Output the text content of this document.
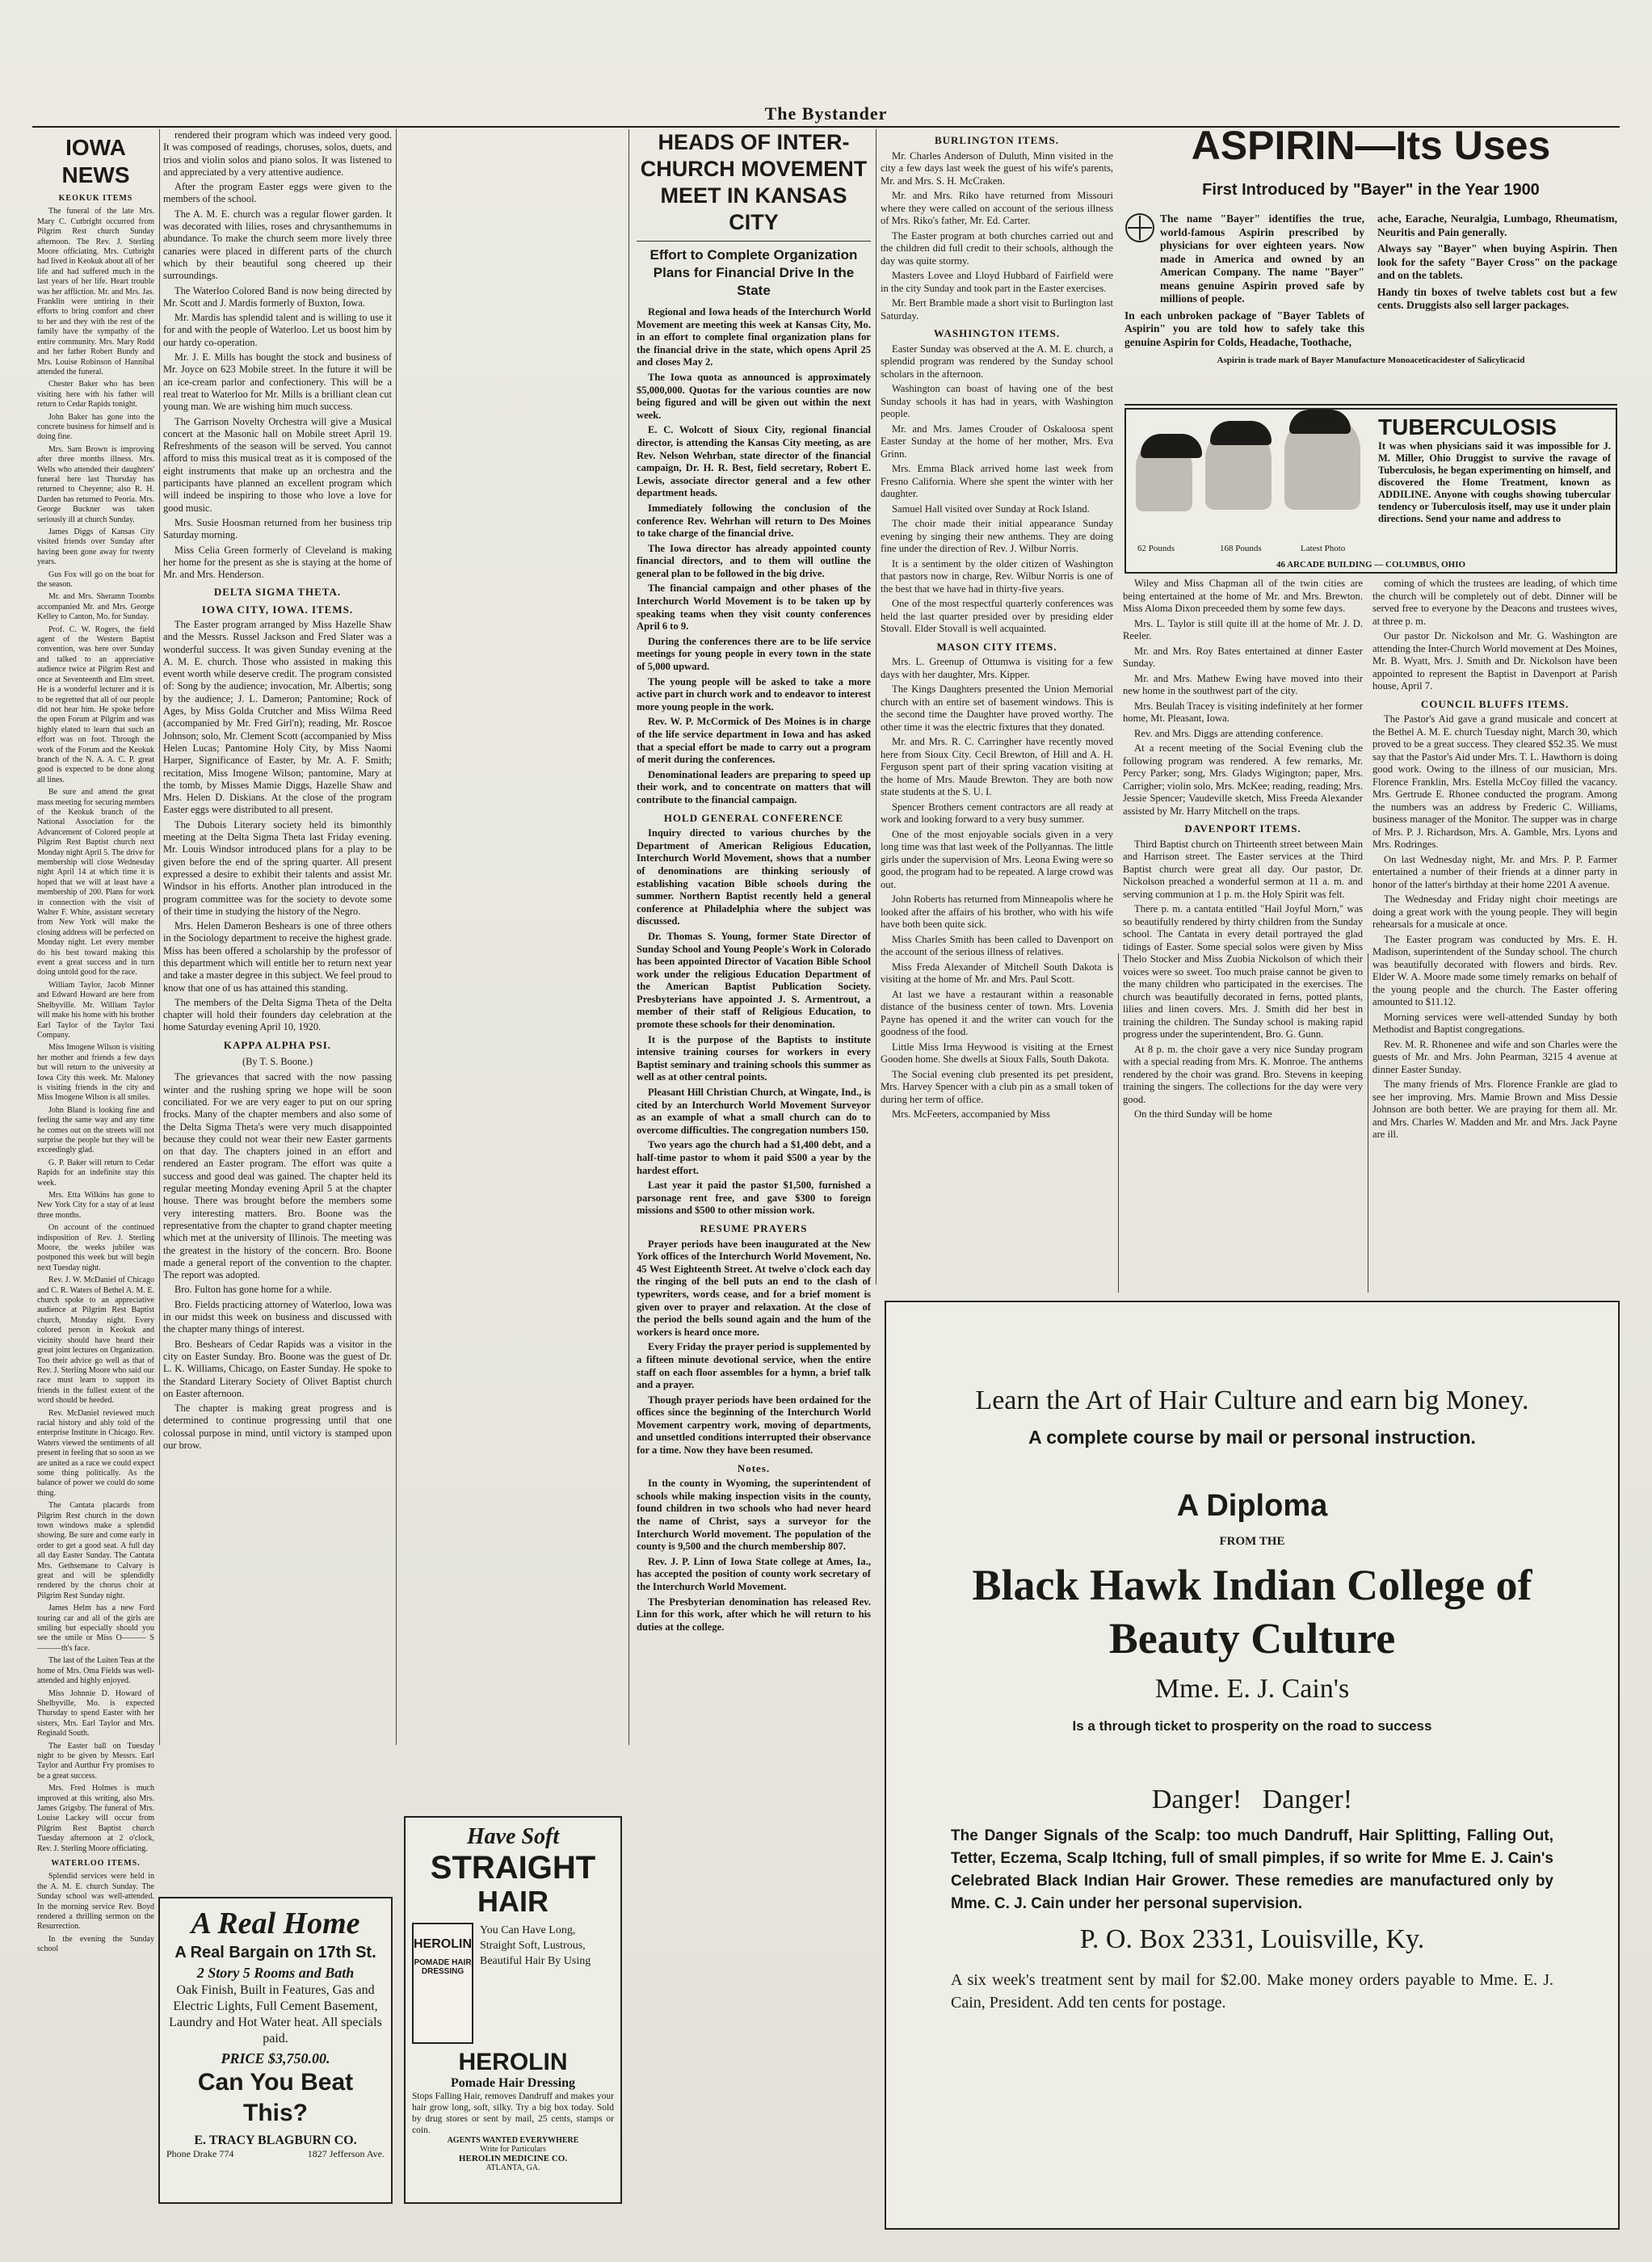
The Bystander
IOWA NEWS
KEOKUK ITEMS

The funeral of the late Mrs. Mary C. Cutbright occurred from Pilgrim Rest church Sunday afternoon. The Rev. J. Sterling Moore officiating. Mrs. Cutbright had lived in Keokuk about all of her life and had suffered much in the last years of her life. Heart trouble was her affliction. Mr. and Mrs. Jas. Franklin were untiring in their efforts to bring comfort and cheer to her and they with the rest of the family have the sympathy of the entire community. Mrs. Mary Rudd and her father Robert Bundy and Mrs. Louise Robinson of Hannibal attended the funeral.

Chester Baker who has been visiting here with his father will return to Cedar Rapids tonight.

John Baker has gone into the concrete business for himself and is doing fine.

Mrs. Sam Brown is improving after three months illness. Mrs. Wells who attended their daughters' funeral here last Thursday has returned to Cheyenne; also R. H. Darden has returned to Peoria. Mrs. George Buckner was taken seriously ill at church Sunday.

James Diggs of Kansas City visited friends over Sunday after having been gone away for twenty years.

Gus Fox will go on the boat for the season.

Mr. and Mrs. Sheramn Toombs accompanied Mr. and Mrs. George Kelley to Canton, Mo. for Sunday.

Prof. C. W. Rogers, the field agent of the Western Baptist convention, was here over Sunday and talked to an appreciative audience twice at Pilgrim Rest and once at Seventeenth and Elm street. He is a wonderful lecturer and it is to be regretted that all of our people did not hear him. He spoke before the open Forum at Pilgrim and was highly elated to learn that such an effort was on foot. Through the work of the Forum and the Keokuk branch of the N. A. A. C. P. great good is expected to be done along all lines.

Be sure and attend the great mass meeting for securing members of the Keokuk branch of the National Association for the Advancement of Colored people at Pilgrim Rest Baptist church next Monday night April 5. The drive for membership will close Wednesday night April 14 at which time it is hoped that we will at least have a membership of 200. Plans for work in connection with the visit of Walter F. White, assistant secretary from New York will make the closing address will be perfected on Monday night. Let every member do his best toward making this event a great success and in turn doing untold good for the race.

William Taylor, Jacob Minner and Edward Howard are here from Shelbyville. Mr. William Taylor will make his home with his brother Earl Taylor of the Taylor Taxi Company.

Miss Imogene Wilson is visiting her mother and friends a few days but will return to the university at Iowa City this week. Mr. Maloney is visiting friends in the city and Miss Imogene Wilson is all smiles.

John Bland is looking fine and feeling the same way and any time he comes out on the streets will not surprise the people but they will be exceedingly glad.

G. P. Baker will return to Cedar Rapids for an indefinite stay this week.

Mrs. Etta Wilkins has gone to New York City for a stay of at least three months.

On account of the continued indisposition of Rev. J. Sterling Moore, the weeks jubilee was postponed this week but will begin next Tuesday night.

Rev. J. W. McDaniel of Chicago and C. R. Waters of Bethel A. M. E. church spoke to an appreciative audience at Pilgrim Rest Baptist church, Monday night. Every colored person in Keokuk and vicinity should have heard their great joint lectures on Organization. Too their advice go well as that of Rev. J. Sterling Moore who said our race must learn to support its friends in the fullest extent of the word should be heeded.

Rev. McDaniel reviewed much racial history and ably told of the enterprise Institute in Chicago. Rev. Waters viewed the sentiments of all present in feeling that so soon as we are united as a race we could expect some thing politically. As the balance of power we could do some thing.

The Cantata placards from Pilgrim Rest church in the down town windows make a splendid showing. Be sure and come early in order to get a good seat. A full day all day Easter Sunday. The Cantata Mrs. Gethsemane to Calvary is great and will be splendidly rendered by the chorus choir at Pilgrim Rest Sunday night.

James Helm has a new Ford touring car and all of the girls are smiling but especially should you see the smile or Miss O——— S———th's face.

The last of the Luiten Teas at the home of Mrs. Oma Fields was well-attended and highly enjoyed.

Miss Johnnie D. Howard of Shelbyville, Mo. is expected Thursday to spend Easter with her sisters, Mrs. Earl Taylor and Mrs. Reginald South.

The Easter ball on Tuesday night to be given by Messrs. Earl Taylor and Aurthur Fry promises to be a great success.

Mrs. Fred Holmes is much improved at this writing, also Mrs. James Grigsby. The funeral of Mrs. Louise Lackey will occur from Pilgrim Rest Baptist church Tuesday afternoon at 2 o'clock, Rev. J. Sterling Moore officiating.

WATERLOO ITEMS.

Splendid services were held in the A. M. E. church Sunday. The Sunday school was well-attended. In the morning service Rev. Boyd rendered a thrilling sermon on the Resurrection.

In the evening the Sunday school

A Real Home
A Real Bargain on 17th St.
2 Story 5 Rooms and Bath
Oak Finish, Built in Features, Gas and Electric Lights, Full Cement Basement, Laundry and Hot Water heat. All specials paid.
PRICE $3,750.00.
Can You Beat This?
E. TRACY BLAGBURN CO.
Phone Drake 774	1827 Jefferson Ave.

rendered their program which was indeed very good. It was composed of readings, choruses, solos, duets, and trios and violin solos and piano solos. It was listened to and appreciated by a very attentive audience.

After the program Easter eggs were given to the members of the school.

The A. M. E. church was a regular flower garden. It was decorated with lilies, roses and chrysanthemums in abundance. To make the church seem more lively three canaries were placed in different parts of the church which by their beautiful song cheered up their surroundings.

The Waterloo Colored Band is now being directed by Mr. Scott and J. Mardis formerly of Buxton, Iowa.

Mr. Mardis has splendid talent and is willing to use it for and with the people of Waterloo. Let us boost him by our hardy co-operation.

Mr. J. E. Mills has bought the stock and business of Mr. Joyce on 623 Mobile street. In the future it will be an ice-cream parlor and confectionery. This will be a real treat to Waterloo for Mr. Mills is a brilliant clean cut young man. We are wishing him much success.

The Garrison Novelty Orchestra will give a Musical concert at the Masonic hall on Mobile street April 19. Refreshments of the season will be served. You cannot afford to miss this musical treat as it is composed of the eight instruments that make up an orchestra and the participants have planned an excellent program which will indeed be inspiring to those who love a love for good music.

Mrs. Susie Hoosman returned from her business trip Saturday morning.

Miss Celia Green formerly of Cleveland is making her home for the present as she is staying at the home of Mr. and Mrs. Henderson.

DELTA SIGMA THETA.
IOWA CITY, IOWA. ITEMS.

The Easter program arranged by Miss Hazelle Shaw and the Messrs. Russel Jackson and Fred Slater was a wonderful success. It was given Sunday evening at the A. M. E. church. Those who assisted in making this event worth while deserve credit. The program consisted of: Song by the audience; invocation, Mr. Albertis; song by the audience; J. L. Dameron; Pantomine; Rock of Ages, by Miss Golda Crutcher and Miss Wilma Reed (accompanied by Mr. Fred Girl'n); reading, Mr. Roscoe Johnson; solo, Mr. Clement Scott (accompanied by Miss Helen Lucas; Pantomine Holy City, by Miss Naomi Harper, Significance of Easter, by Mr. A. F. Smith; recitation, Miss Imogene Wilson; pantomine, Mary at the tomb, by Misses Mamie Diggs, Hazelle Shaw and Mrs. Helen D. Diskians. At the close of the program Easter eggs were distributed to all present.

The Dubois Literary society held its bimonthly meeting at the Delta Sigma Theta last Friday evening. Mr. Louis Windsor introduced plans for a play to be given before the end of the spring quarter. All present expressed a desire to exhibit their talents and assist Mr. Windsor in his efforts. Another plan introduced in the program committee was for the society to devote some of their time in studying the history of the Negro.

Mrs. Helen Dameron Beshears is one of three others in the Sociology department to receive the highest grade. Miss has been offered a scholarship by the professor of this department which will entitle her to return next year and take a master degree in this subject. We feel proud to know that one of us has attained this standing.

The members of the Delta Sigma Theta of the Delta chapter will hold their founders day celebration at the home Saturday evening April 10, 1920.

KAPPA ALPHA PSI.
(By T. S. Boone.)

The grievances that sacred with the now passing winter and the rushing spring we hope will be soon conciliated. For we are very eager to put on our spring frocks. Many of the chapter members and also some of the Delta Sigma Theta's were very much disappointed because they could not wear their new Easter garments on that day. The chapters joined in an effort and rendered an Easter program. The effort was quite a success and good deal was gained. The chapter held its regular meeting Monday evening April 5 at the chapter house. There was brought before the members some very interesting matters. Bro. Boone was the representative from the chapter to grand chapter meeting which met at the university of Illinois. The meeting was the greatest in the history of the concern. Bro. Boone made a general report of the convention to the chapter. The report was adopted.

Bro. Fulton has gone home for a while.

Bro. Fields practicing attorney of Waterloo, Iowa was in our midst this week on business and discussed with the chapter many things of interest.

Bro. Beshears of Cedar Rapids was a visitor in the city on Easter Sunday. Bro. Boone was the guest of Dr. L. K. Williams, Chicago, on Easter Sunday. He spoke to the Standard Literary Society of Olivet Baptist church on Easter afternoon.

The chapter is making great progress and is determined to continue progressing until that one colossal purpose in mind, until victory is stamped upon our brow.

Have Soft
STRAIGHT
HAIR
HEROLIN
POMADE HAIR DRESSING
You Can Have Long, Straight Soft, Lustrous, Beautiful Hair By Using
HEROLIN
Pomade Hair Dressing
Stops Falling Hair, removes Dandruff and makes your hair grow long, soft, silky. Try a big box today. Sold by drug stores or sent by mail, 25 cents, stamps or coin.
AGENTS WANTED EVERYWHERE
Write for Particulars
HEROLIN MEDICINE CO.
ATLANTA, GA.
HEADS OF INTER-CHURCH MOVEMENT MEET IN KANSAS CITY
Effort to Complete Organization Plans for Financial Drive In the State

Regional and Iowa heads of the Interchurch World Movement are meeting this week at Kansas City, Mo. in an effort to complete final organization plans for the financial drive in the state, which opens April 25 and closes May 2.

The Iowa quota as announced is approximately $5,000,000. Quotas for the various counties are now being figured and will be given out within the next week.

E. C. Wolcott of Sioux City, regional financial director, is attending the Kansas City meeting, as are Rev. Nelson Wehrban, state director of the financial campaign, Dr. H. R. Best, field secretary, Robert E. Lewis, associate director general and a few other department heads.

Immediately following the conclusion of the conference Rev. Wehrhan will return to Des Moines to take charge of the financial drive.

The Iowa director has already appointed county financial directors, and to them will outline the general plan to be followed in the big drive.

The financial campaign and other phases of the Interchurch World Movement is to be taken up by speaking teams when they visit county conferences April 6 to 9.

During the conferences there are to be life service meetings for young people in every town in the state of 5,000 upward.

The young people will be asked to take a more active part in church work and to endeavor to interest more young people in the work.

Rev. W. P. McCormick of Des Moines is in charge of the life service department in Iowa and has asked that a special effort be made to carry out a program of merit during the conferences.

Denominational leaders are preparing to speed up their work, and to concentrate on matters that will contribute to the financial campaign.

HOLD GENERAL CONFERENCE

Inquiry directed to various churches by the Department of American Religious Education, Interchurch World Movement, shows that a number of denominations are thinking seriously of establishing vacation Bible schools during the summer. Northern Baptist recently held a general conference at Philadelphia where the subject was discussed.

Dr. Thomas S. Young, former State Director of Sunday School and Young People's Work in Colorado has been appointed Director of Vacation Bible School work under the religious Education Department of the American Baptist Publication Society. Presbyterians have appointed J. S. Armentrout, a member of their staff of Religious Education, to promote these schools for their denomination.

It is the purpose of the Baptists to institute intensive training courses for workers in every Baptist seminary and training schools this summer as well as at other central points.

Pleasant Hill Christian Church, at Wingate, Ind., is cited by an Interchurch World Movement Surveyor as an example of what a small church can do to overcome difficulties. The congregation numbers 150.

Two years ago the church had a $1,400 debt, and a half-time pastor to whom it paid $500 a year by the hardest effort.

Last year it paid the pastor $1,500, furnished a parsonage rent free, and gave $300 to foreign missions and $500 to other mission work.

RESUME PRAYERS

Prayer periods have been inaugurated at the New York offices of the Interchurch World Movement, No. 45 West Eighteenth Street. At twelve o'clock each day the ringing of the bell puts an end to the clash of typewriters, words cease, and for a brief moment is given over to prayer and relaxation. At the close of the period the bells sound again and the hum of the workers is heard once more.

Every Friday the prayer period is supplemented by a fifteen minute devotional service, when the entire staff on each floor assembles for a hymn, a brief talk and a prayer.

Though prayer periods have been ordained for the offices since the beginning of the Interchurch World Movement carpentry work, moving of departments, and unsettled conditions interrupted their observance for a time. Now they have been resumed.

Notes.

In the county in Wyoming, the superintendent of schools while making inspection visits in the county, found children in two schools who had never heard the name of Christ, says a surveyor for the Interchurch World movement. The population of the county is 9,500 and the church membership 807.

Rev. J. P. Linn of Iowa State college at Ames, Ia., has accepted the position of county work secretary of the Interchurch World Movement.

The Presbyterian denomination has released Rev. Linn for this work, after which he will return to his duties at the college.

BURLINGTON ITEMS.

Mr. Charles Anderson of Duluth, Minn visited in the city a few days last week the guest of his wife's parents, Mr. and Mrs. S. H. McCraken.

Mr. and Mrs. Riko have returned from Missouri where they were called on account of the serious illness of Mrs. Riko's father, Mr. Ed. Carter.

The Easter program at both churches carried out and the children did full credit to their schools, although the day was quite stormy.

Masters Lovee and Lloyd Hubbard of Fairfield were in the city Sunday and took part in the Easter exercises.

Mr. Bert Bramble made a short visit to Burlington last Saturday.

WASHINGTON ITEMS.

Easter Sunday was observed at the A. M. E. church, a splendid program was rendered by the Sunday school scholars in the afternoon.

Washington can boast of having one of the best Sunday schools it has had in years, with Washington people.

Mr. and Mrs. James Crouder of Oskaloosa spent Easter Sunday at the home of her mother, Mrs. Eva Grinn.

Mrs. Emma Black arrived home last week from Fresno California. Where she spent the winter with her daughter.

Samuel Hall visited over Sunday at Rock Island.

The choir made their initial appearance Sunday evening by singing their new anthems. They are doing fine under the direction of Rev. J. Wilbur Norris.

It is a sentiment by the older citizen of Washington that pastors now in charge, Rev. Wilbur Norris is one of the best that we have had in thirty-five years.

One of the most respectful quarterly conferences was held the last quarter presided over by presiding elder Stovall. Elder Stovall is well acquainted.

MASON CITY ITEMS.

Mrs. L. Greenup of Ottumwa is visiting for a few days with her daughter, Mrs. Kipper.

The Kings Daughters presented the Union Memorial church with an entire set of basement windows. This is the second time the Daughter have proved worthy. The other time it was the electric fixtures that they donated.

Mr. and Mrs. R. C. Carringher have recently moved here from Sioux City. Cecil Brewton, of Hill and A. H. Ferguson spent part of their spring vacation visiting at the home of Mrs. Maude Brewton. They are both now state students at the S. U. I.

Spencer Brothers cement contractors are all ready at work and looking forward to a very busy summer.

One of the most enjoyable socials given in a very long time was that last week of the Pollyannas. The little girls under the supervision of Mrs. Leona Ewing were so good, the program had to be repeated. A large crowd was out.

John Roberts has returned from Minneapolis where he looked after the affairs of his brother, who with his wife have both been quite sick.

Miss Charles Smith has been called to Davenport on the account of the serious illness of relatives.

Miss Freda Alexander of Mitchell South Dakota is visiting at the home of Mr. and Mrs. Paul Scott.

At last we have a restaurant within a reasonable distance of the business center of town. Mrs. Lovenia Payne has opened it and the writer can vouch for the goodness of the food.

Little Miss Irma Heywood is visiting at the Ernest Gooden home. She dwells at Sioux Falls, South Dakota.

The Social evening club presented its pet president, Mrs. Harvey Spencer with a club pin as a small token of during her term of office.

Mrs. McFeeters, accompanied by Miss

ASPIRIN—Its Uses
First Introduced by "Bayer" in the Year 1900
The name "Bayer" identifies the true, world-famous Aspirin prescribed by physicians for over eighteen years. Now made in America and owned by an American Company. The name "Bayer" means genuine Aspirin proved safe by millions of people.
In each unbroken package of "Bayer Tablets of Aspirin" you are told how to safely take this genuine Aspirin for Colds, Headache, Toothache,
ache, Earache, Neuralgia, Lumbago, Rheumatism, Neuritis and Pain generally.
Always say "Bayer" when buying Aspirin. Then look for the safety "Bayer Cross" on the package and on the tablets.
Handy tin boxes of twelve tablets cost but a few cents. Druggists also sell larger packages.
Aspirin is trade mark of Bayer Manufacture Monoaceticacidester of Salicylicacid

62 Pounds	168 Pounds	Latest Photo
TUBERCULOSIS
It was when physicians said it was impossible for J. M. Miller, Ohio Druggist to survive the ravage of Tuberculosis, he began experimenting on himself, and discovered the Home Treatment, known as ADDILINE. Anyone with coughs showing tubercular tendency or Tuberculosis itself, may use it under plain directions. Send your name and address to
46 ARCADE BUILDING — COLUMBUS, OHIO

Wiley and Miss Chapman all of the twin cities are being entertained at the home of Mr. and Mrs. Brewton. Miss Aloma Dixon preceeded them by some few days.

Mrs. L. Taylor is still quite ill at the home of Mr. J. D. Reeler.

Mr. and Mrs. Roy Bates entertained at dinner Easter Sunday.

Mr. and Mrs. Mathew Ewing have moved into their new home in the southwest part of the city.

Mrs. Beulah Tracey is visiting indefinitely at her former home, Mt. Pleasant, Iowa.

Rev. and Mrs. Diggs are attending conference.

At a recent meeting of the Social Evening club the following program was rendered. A few remarks, Mr. Percy Parker; song, Mrs. Gladys Wigington; paper, Mrs. Carrigher; violin solo, Mrs. McKee; reading, reading; Mrs. Jessie Spencer; Vaudeville sketch, Miss Freeda Alexander assisted by Mr. Harry Mitchell on the traps.

DAVENPORT ITEMS.

Third Baptist church on Thirteenth street between Main and Harrison street. The Easter services at the Third Baptist church were great all day. Our pastor, Dr. Nickolson preached a wonderful sermon at 11 a. m. and serving communion at 1 p. m. the Holy Spirit was felt.

There p. m. a cantata entitled "Hail Joyful Morn," was so beautifully rendered by thirty children from the Sunday school. The Cantata in every detail portrayed the glad tidings of Easter. Some special solos were given by Miss Thelo Stocker and Miss Zuobia Nickolson of which their voices were so sweet. Too much praise cannot be given to the many children who participated in the exercises. The church was beautifully decorated in ferns, potted plants, lilies and linen covers. Mrs. J. Smith did her best in training the children. The Sunday school is making rapid progress under the superintendent, Bro. G. Gunn.

At 8 p. m. the choir gave a very nice Sunday program with a special reading from Mrs. K. Monroe. The anthems rendered by the choir was grand. Bro. Stevens in keeping training the singers. The collections for the day were very good.

On the third Sunday will be home

coming of which the trustees are leading, of which time the church will be completely out of debt. Dinner will be served free to everyone by the Deacons and trustees wives, at three p. m.

Our pastor Dr. Nickolson and Mr. G. Washington are attending the Inter-Church World movement at Des Moines, Mr. B. Wyatt, Mrs. J. Smith and Dr. Nickolson have been appointed to represent the Baptist in Davenport at Parish house, April 7.

COUNCIL BLUFFS ITEMS.

The Pastor's Aid gave a grand musicale and concert at the Bethel A. M. E. church Tuesday night, March 30, which proved to be a great success. They cleared $52.35. We must say that the Pastor's Aid under Mrs. T. L. Hawthorn is doing good work. Owing to the illness of our musician, Mrs. Florence Franklin, Mrs. Estella McCoy filled the vacancy. Mrs. Gertrude E. Rhonee conducted the program. Among the numbers was an address by Frederic C. Williams, business manager of the Monitor. The supper was in charge of Mrs. P. J. Richardson, Mrs. A. Gamble, Mrs. Lyons and Mrs. Rodringes.

On last Wednesday night, Mr. and Mrs. P. P. Farmer entertained a number of their friends at a dinner party in honor of the latter's birthday at their home 2201 A avenue.

The Wednesday and Friday night choir meetings are doing a great work with the young people. They will begin rehearsals for a musicale at once.

The Easter program was conducted by Mrs. E. H. Madison, superintendent of the Sunday school. The church was beautifully decorated with flowers and birds. Rev. Elder W. A. Moore made some timely remarks on behalf of the young people and the church. The Easter offering amounted to $11.12.

Morning services were well-attended Sunday by both Methodist and Baptist congregations.

Rev. M. R. Rhonenee and wife and son Charles were the guests of Mr. and Mrs. John Pearman, 3215 4 avenue at dinner Easter Sunday.

The many friends of Mrs. Florence Frankle are glad to see her improving. Mrs. Mamie Brown and Miss Dessie Johnson are both better. We are praying for them all. Mr. and Mrs. Charles W. Madden and Mr. and Mrs. Jack Payne are ill.

Learn the Art of Hair Culture and earn big Money.
A complete course by mail or personal instruction.
A Diploma
FROM THE
Black Hawk Indian College of
Beauty Culture
Mme. E. J. Cain's
Is a through ticket to prosperity on the road to success
Danger!   Danger!
The Danger Signals of the Scalp: too much Dandruff, Hair Splitting, Falling Out, Tetter, Eczema, Scalp Itching, full of small pimples, if so write for Mme E. J. Cain's Celebrated Black Indian Hair Grower. These remedies are manufactured only by Mme. C. J. Cain under her personal supervision.
P. O. Box 2331, Louisville, Ky.
A six week's treatment sent by mail for $2.00. Make money orders payable to Mme. E. J. Cain, President. Add ten cents for postage.
